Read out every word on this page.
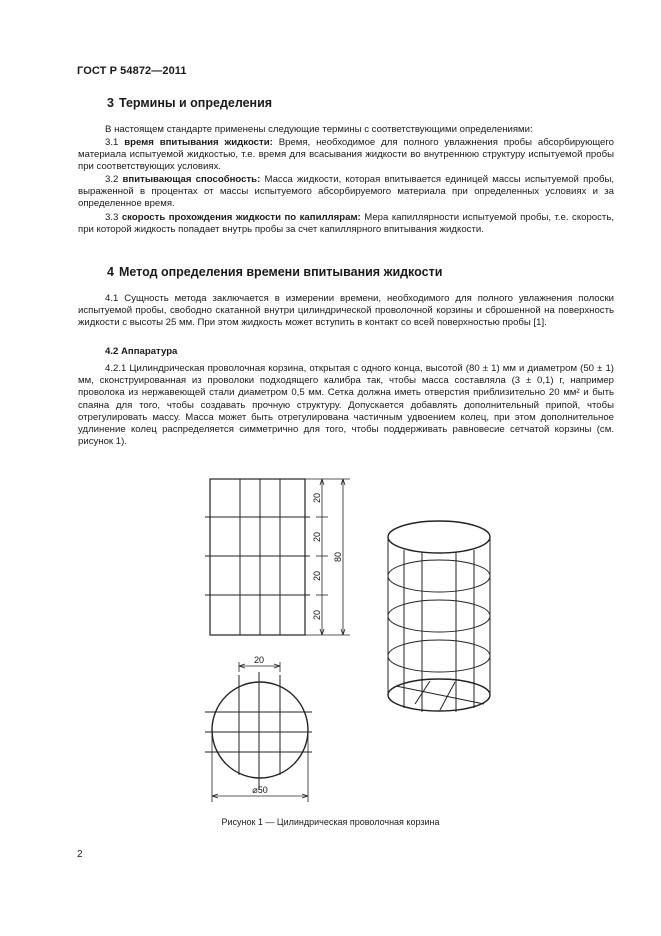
ГОСТ Р 54872—2011
3 Термины и определения

В настоящем стандарте применены следующие термины с соответствующими определениями:

3.1 время впитывания жидкости: Время, необходимое для полного увлажнения пробы абсорбирующего материала испытуемой жидкостью, т.е. время для всасывания жидкости во внутреннюю структуру испытуемой пробы при соответствующих условиях.

3.2 впитывающая способность: Масса жидкости, которая впитывается единицей массы испытуемой пробы, выраженной в процентах от массы испытуемого абсорбируемого материала при определенных условиях и за определенное время.

3.3 скорость прохождения жидкости по капиллярам: Мера капиллярности испытуемой пробы, т.е. скорость, при которой жидкость попадает внутрь пробы за счет капиллярного впитывания жидкости.

4 Метод определения времени впитывания жидкости

4.1 Сущность метода заключается в измерении времени, необходимого для полного увлажнения полоски испытуемой пробы, свободно скатанной внутри цилиндрической проволочной корзины и сброшенной на поверхность жидкости с высоты 25 мм. При этом жидкость может вступить в контакт со всей поверхностью пробы [1].

4.2 Аппаратура

4.2.1 Цилиндрическая проволочная корзина, открытая с одного конца, высотой (80 ± 1) мм и диаметром (50 ± 1) мм, сконструированная из проволоки подходящего калибра так, чтобы масса составляла (3 ± 0,1) г, например проволока из нержавеющей стали диаметром 0,5 мм. Сетка должна иметь отверстия приблизительно 20 мм² и быть спаяна для того, чтобы создавать прочную структуру. Допускается добавлять дополнительный припой, чтобы отрегулировать массу. Масса может быть отрегулирована частичным удвоением колец, при этом дополнительное удлинение колец распределяется симметрично для того, чтобы поддерживать равновесие сетчатой корзины (см. рисунок 1).

20
20
20
20
80
20
⌀50
Рисунок 1 — Цилиндрическая проволочная корзина
2
